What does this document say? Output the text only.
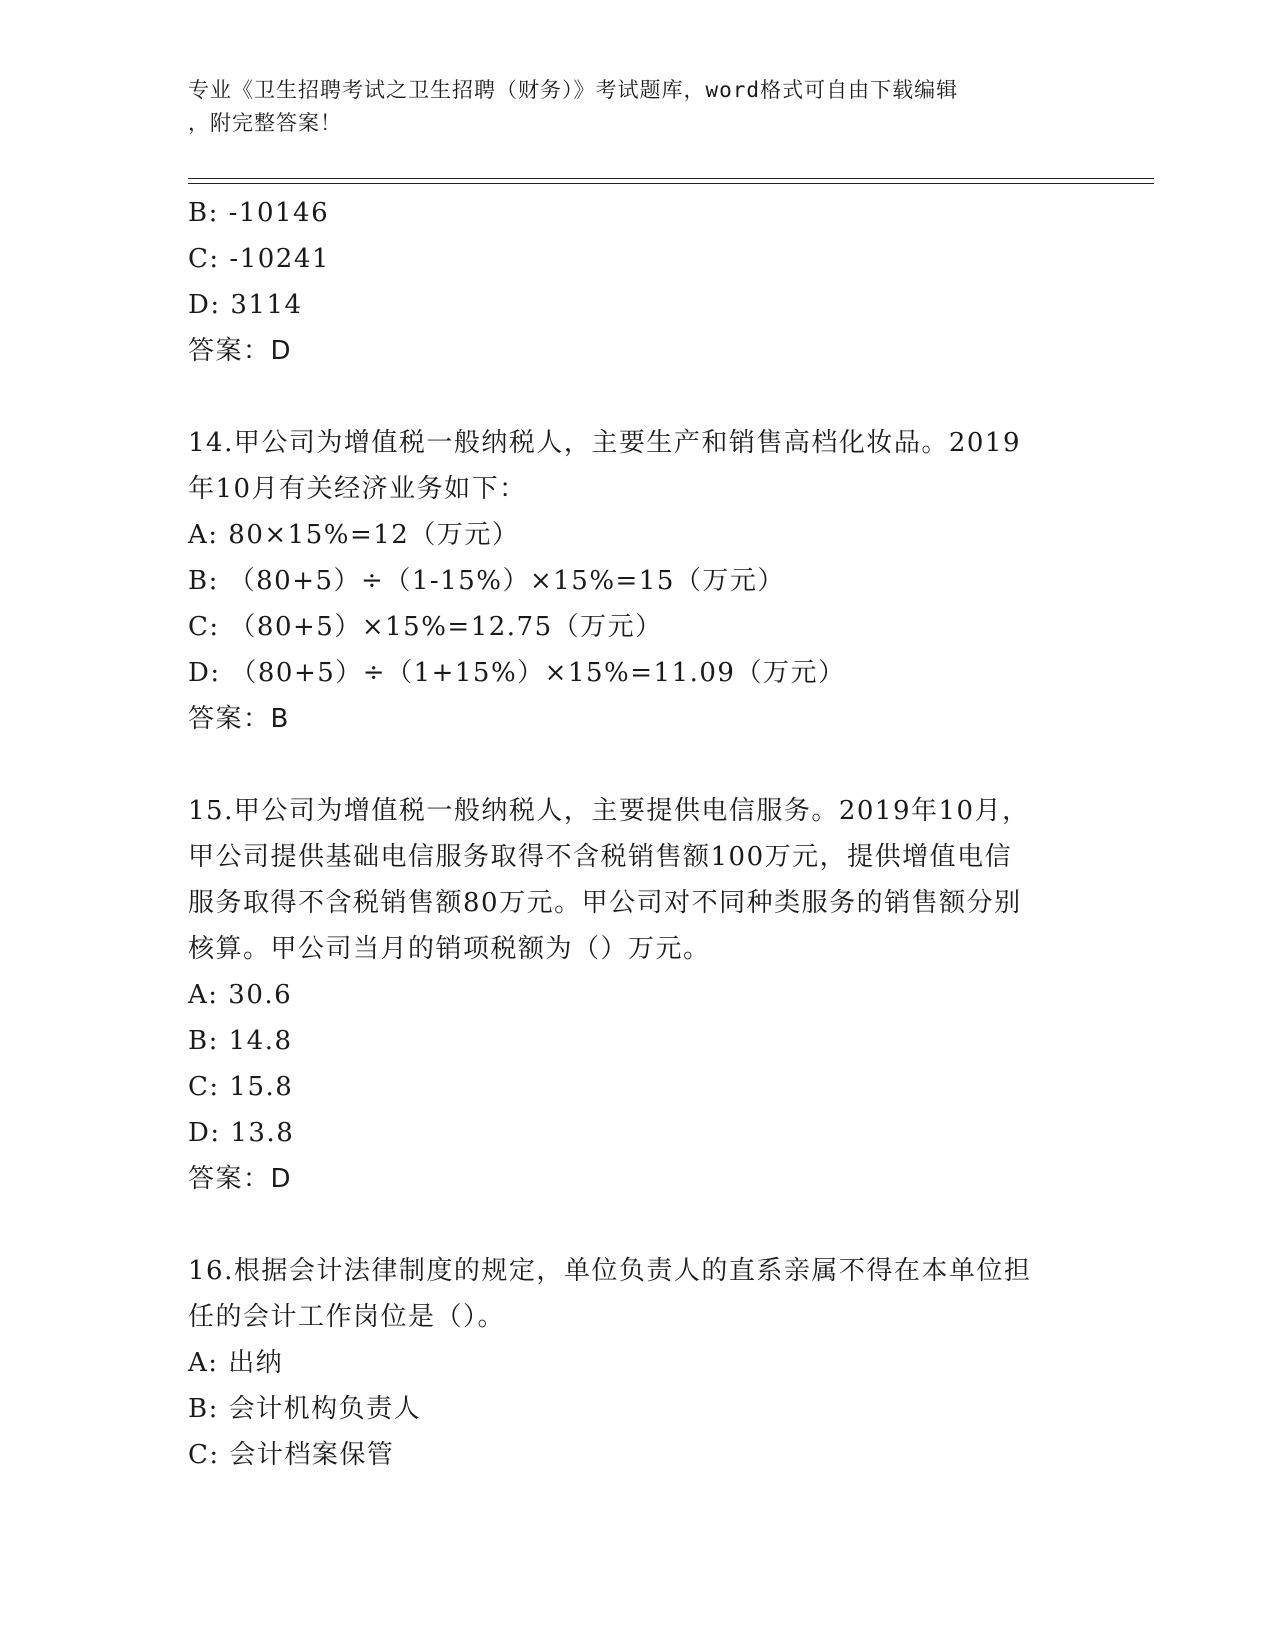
专业《卫生招聘考试之卫生招聘（财务）》考试题库，word格式可自由下载编辑
，附完整答案！
B: -10146
C: -10241
D: 3114
答案：D
14.甲公司为增值税一般纳税人，主要生产和销售高档化妆品。2019
年10月有关经济业务如下：
A: 80×15%=12（万元）
B: （80+5）÷（1-15%）×15%=15（万元）
C: （80+5）×15%=12.75（万元）
D: （80+5）÷（1+15%）×15%=11.09（万元）
答案：B
15.甲公司为增值税一般纳税人，主要提供电信服务。2019年10月，
甲公司提供基础电信服务取得不含税销售额100万元，提供增值电信
服务取得不含税销售额80万元。甲公司对不同种类服务的销售额分别
核算。甲公司当月的销项税额为（）万元。
A: 30.6
B: 14.8
C: 15.8
D: 13.8
答案：D
16.根据会计法律制度的规定，单位负责人的直系亲属不得在本单位担
任的会计工作岗位是（）。
A: 出纳
B: 会计机构负责人
C: 会计档案保管
